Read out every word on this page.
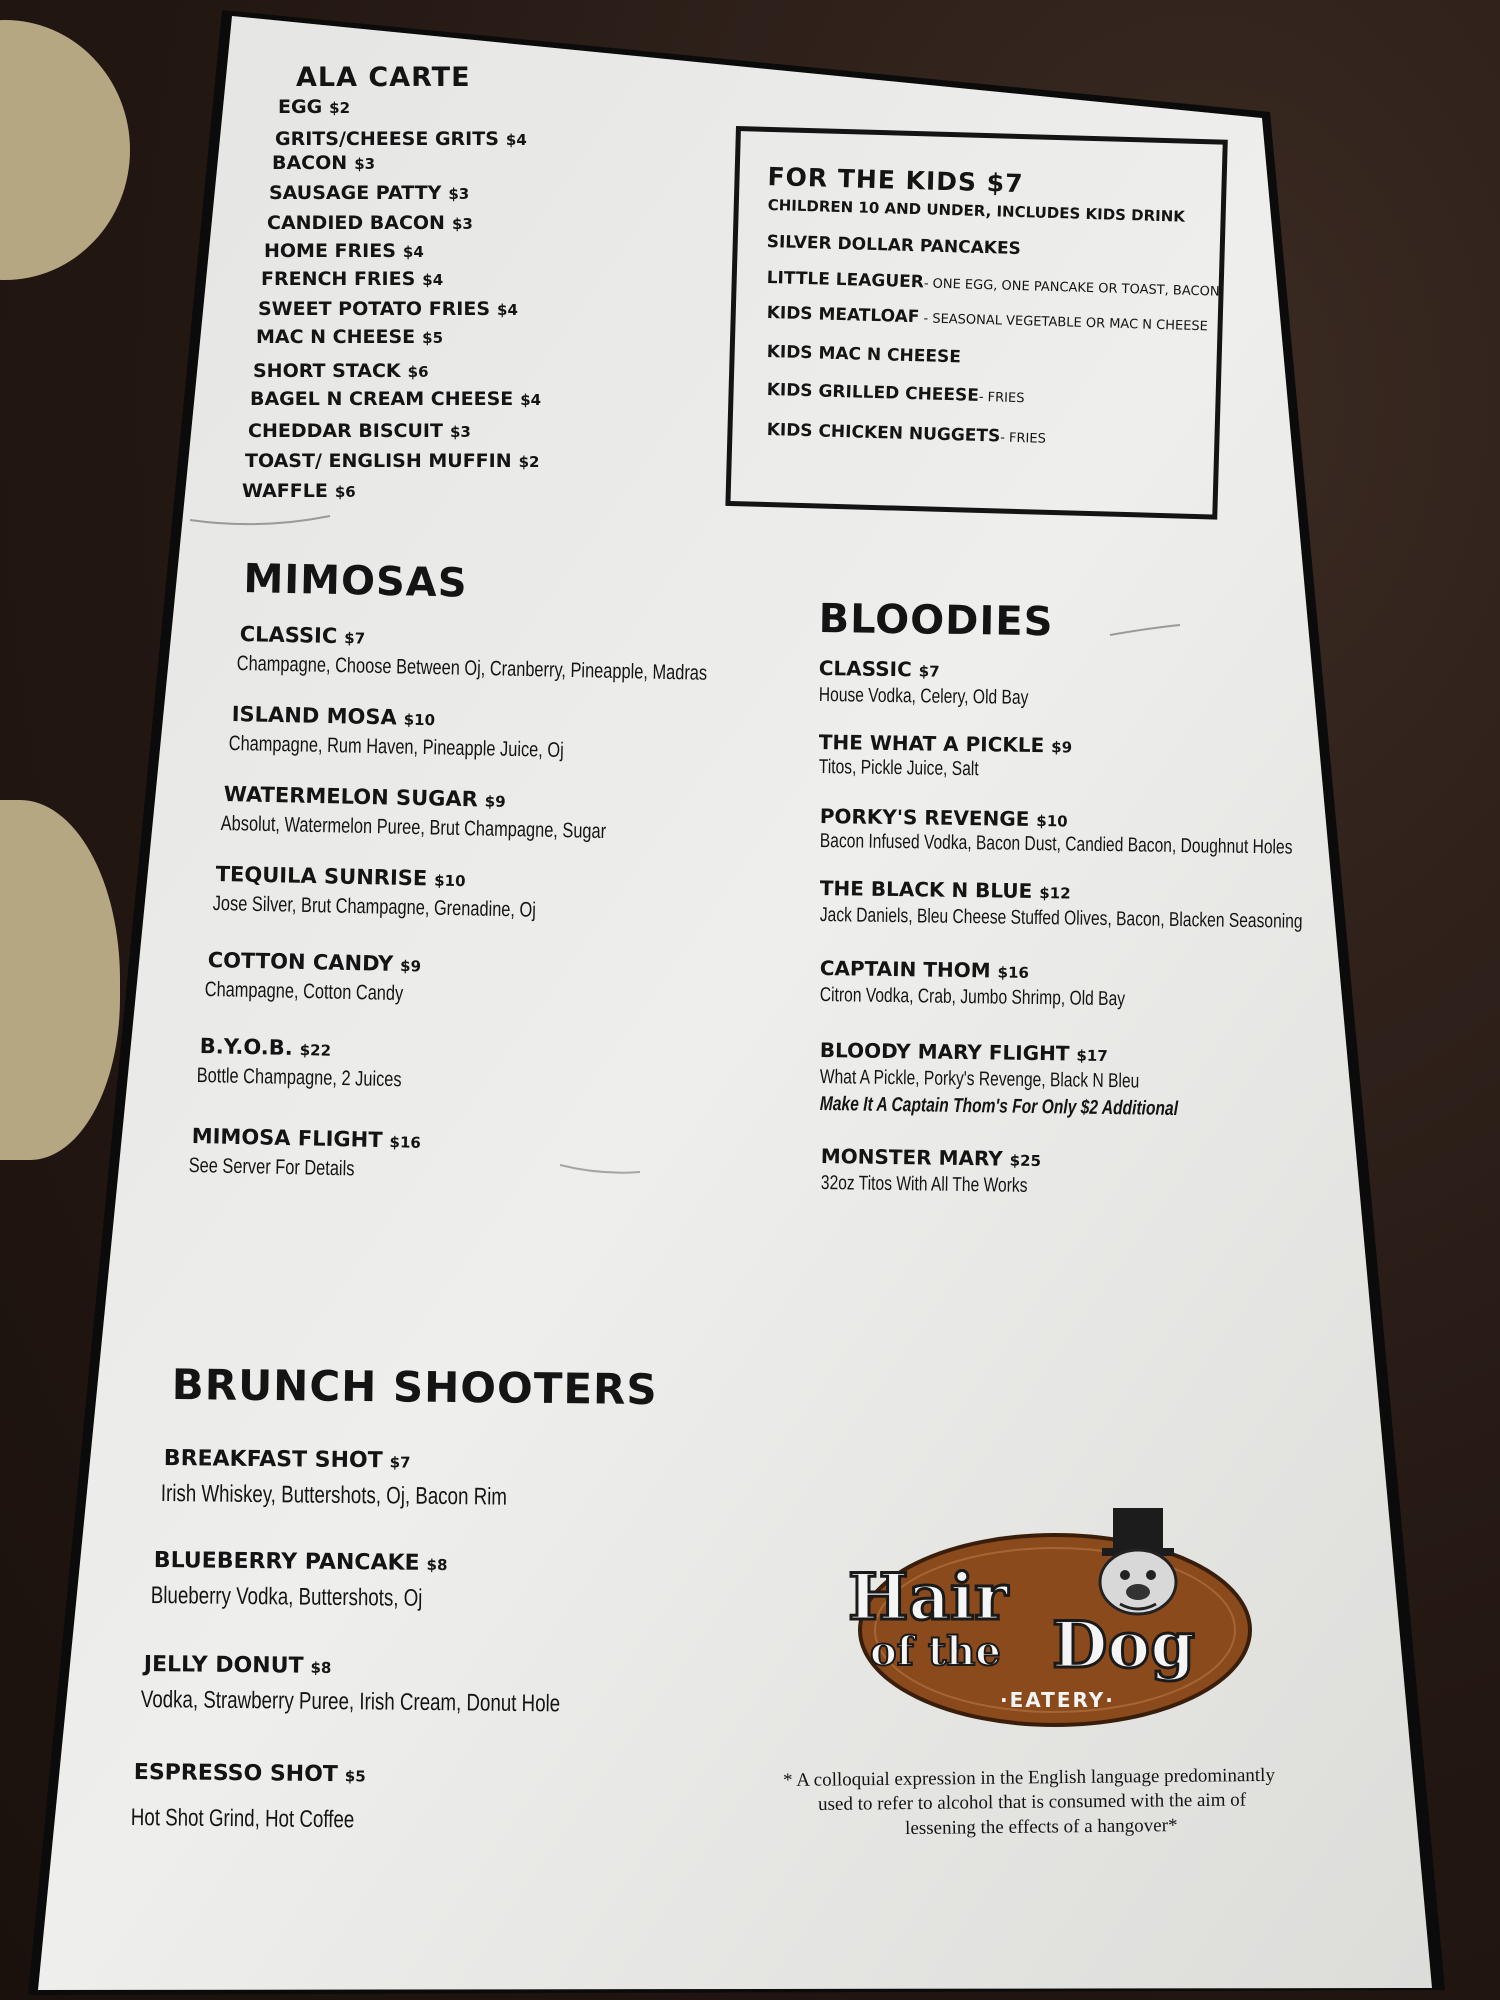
ALA CARTE
EGG $2
GRITS/CHEESE GRITS $4
BACON $3
SAUSAGE PATTY $3
CANDIED BACON $3
HOME FRIES $4
FRENCH FRIES $4
SWEET POTATO FRIES $4
MAC N CHEESE $5
SHORT STACK $6
BAGEL N CREAM CHEESE $4
CHEDDAR BISCUIT $3
TOAST/ ENGLISH MUFFIN $2
WAFFLE $6
FOR THE KIDS $7
CHILDREN 10 AND UNDER, INCLUDES KIDS DRINK
SILVER DOLLAR PANCAKES
LITTLE LEAGUER- ONE EGG, ONE PANCAKE OR TOAST, BACON
KIDS MEATLOAF - SEASONAL VEGETABLE OR MAC N CHEESE
KIDS MAC N CHEESE
KIDS GRILLED CHEESE- FRIES
KIDS CHICKEN NUGGETS- FRIES
MIMOSAS
CLASSIC $7
Champagne, Choose Between Oj, Cranberry, Pineapple, Madras
ISLAND MOSA $10
Champagne, Rum Haven, Pineapple Juice, Oj
WATERMELON SUGAR $9
Absolut, Watermelon Puree, Brut Champagne, Sugar
TEQUILA SUNRISE $10
Jose Silver, Brut Champagne, Grenadine, Oj
COTTON CANDY $9
Champagne, Cotton Candy
B.Y.O.B. $22
Bottle Champagne, 2 Juices
MIMOSA FLIGHT $16
See Server For Details
BLOODIES
CLASSIC $7
House Vodka, Celery, Old Bay
THE WHAT A PICKLE $9
Titos, Pickle Juice, Salt
PORKY'S REVENGE $10
Bacon Infused Vodka, Bacon Dust, Candied Bacon, Doughnut Holes
THE BLACK N BLUE $12
Jack Daniels, Bleu Cheese Stuffed Olives, Bacon, Blacken Seasoning
CAPTAIN THOM $16
Citron Vodka, Crab, Jumbo Shrimp, Old Bay
BLOODY MARY FLIGHT $17
What A Pickle, Porky's Revenge, Black N Bleu
Make It A Captain Thom's For Only $2 Additional
MONSTER MARY $25
32oz Titos With All The Works
BRUNCH SHOOTERS
BREAKFAST SHOT $7
Irish Whiskey, Buttershots, Oj, Bacon Rim
BLUEBERRY PANCAKE $8
Blueberry Vodka, Buttershots, Oj
JELLY DONUT $8
Vodka, Strawberry Puree, Irish Cream, Donut Hole
ESPRESSO SHOT $5
Hot Shot Grind, Hot Coffee
Hair
of the Dog
·EATERY·
* A colloquial expression in the English language predominantly
used to refer to alcohol that is consumed with the aim of
lessening the effects of a hangover*
